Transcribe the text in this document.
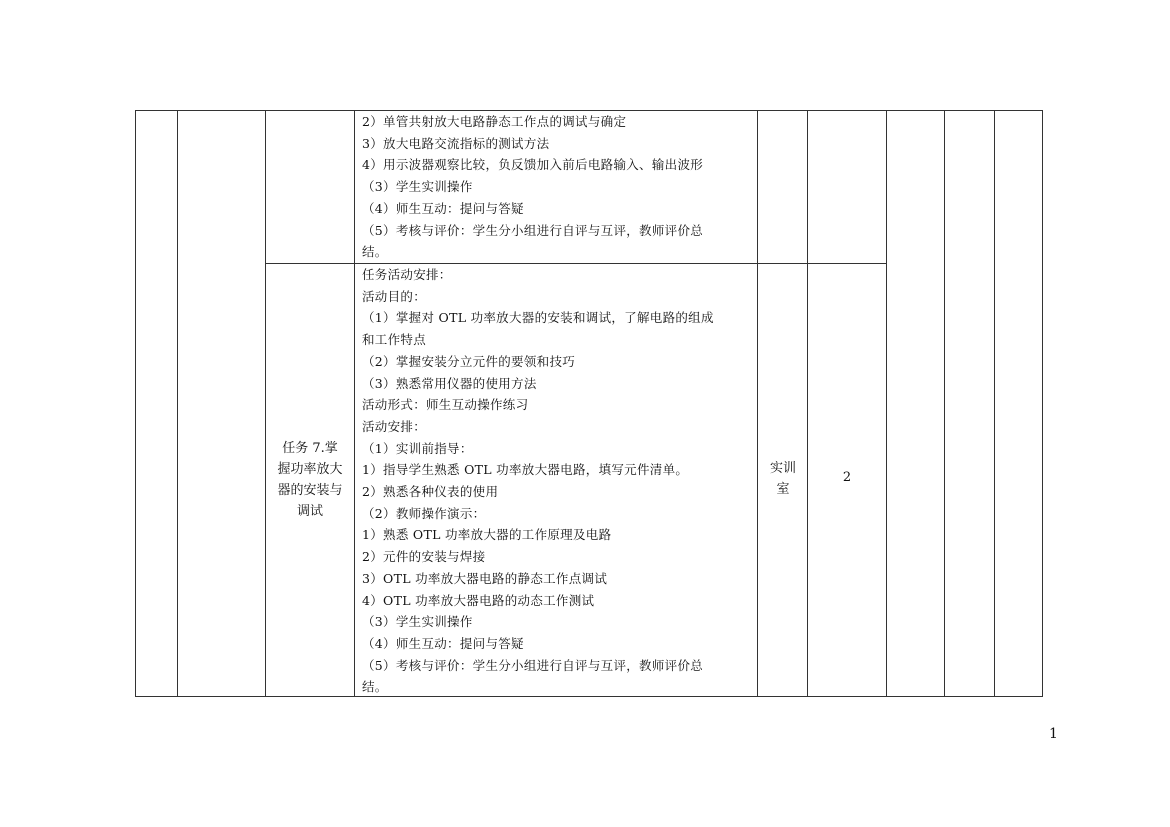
2）单管共射放大电路静态工作点的调试与确定
3）放大电路交流指标的测试方法
4）用示波器观察比较，负反馈加入前后电路输入、输出波形
（3）学生实训操作
（4）师生互动：提问与答疑
（5）考核与评价：学生分小组进行自评与互评，教师评价总
结。
任务活动安排：
活动目的：
（1）掌握对 OTL 功率放大器的安装和调试，了解电路的组成
和工作特点
（2）掌握安装分立元件的要领和技巧
（3）熟悉常用仪器的使用方法
活动形式：师生互动操作练习
活动安排：
（1）实训前指导：
1）指导学生熟悉 OTL 功率放大器电路，填写元件清单。
2）熟悉各种仪表的使用
（2）教师操作演示：
1）熟悉 OTL 功率放大器的工作原理及电路
2）元件的安装与焊接
3）OTL 功率放大器电路的静态工作点调试
4）OTL 功率放大器电路的动态工作测试
（3）学生实训操作
（4）师生互动：提问与答疑
（5）考核与评价：学生分小组进行自评与互评，教师评价总
结。
任务 7.掌
握功率放大
器的安装与
调试
实训
室
2
1
